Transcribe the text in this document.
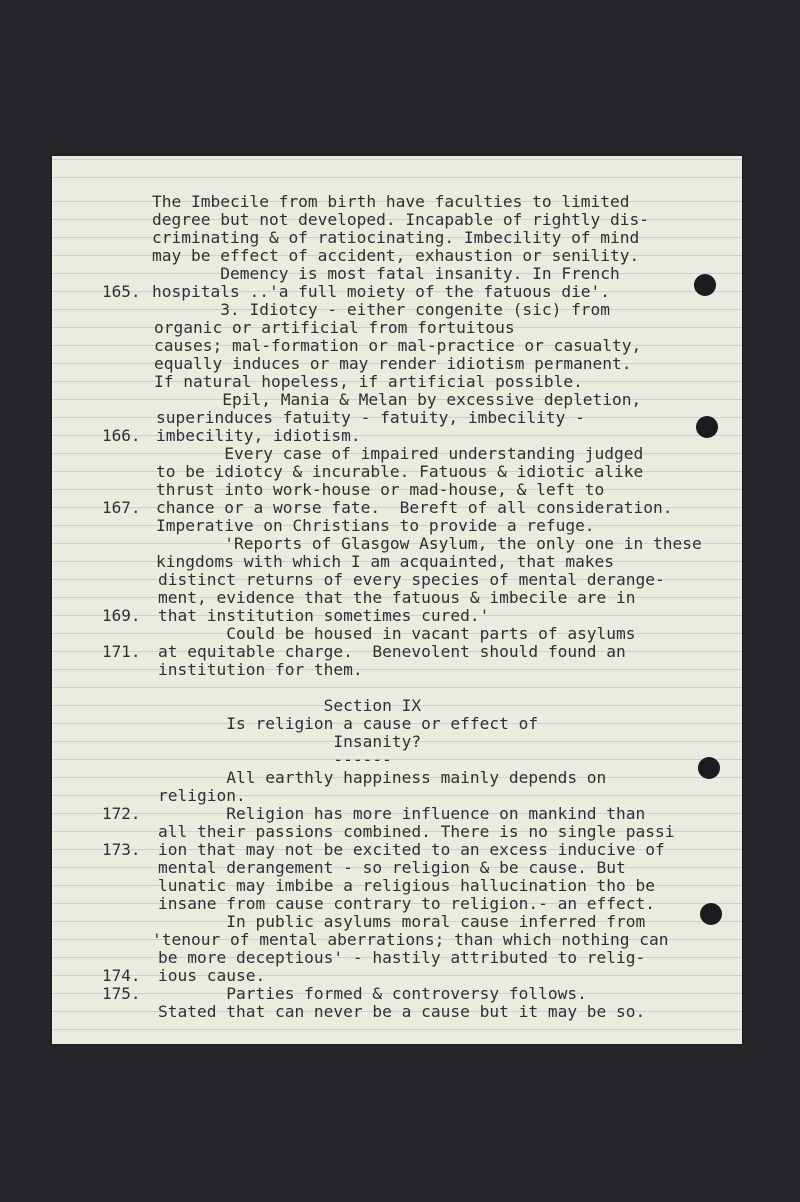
The Imbecile from birth have faculties to limited
degree but not developed. Incapable of rightly dis-
criminating & of ratiocinating. Imbecility of mind
may be effect of accident, exhaustion or senility.
Demency is most fatal insanity. In French
hospitals ..'a full moiety of the fatuous die'.
3. Idiotcy - either congenite (sic) from
organic or artificial from fortuitous
causes; mal-formation or mal-practice or casualty,
equally induces or may render idiotism permanent.
If natural hopeless, if artificial possible.
Epil, Mania & Melan by excessive depletion,
superinduces fatuity - fatuity, imbecility -
imbecility, idiotism.
Every case of impaired understanding judged
to be idiotcy & incurable. Fatuous & idiotic alike
thrust into work-house or mad-house, & left to
chance or a worse fate.  Bereft of all consideration.
Imperative on Christians to provide a refuge.
'Reports of Glasgow Asylum, the only one in these
kingdoms with which I am acquainted, that makes
distinct returns of every species of mental derange-
ment, evidence that the fatuous & imbecile are in
that institution sometimes cured.'
Could be housed in vacant parts of asylums
at equitable charge.  Benevolent should found an
institution for them.
Section IX
Is religion a cause or effect of
Insanity?
------
All earthly happiness mainly depends on
religion.
Religion has more influence on mankind than
all their passions combined. There is no single passi
ion that may not be excited to an excess inducive of
mental derangement - so religion & be cause. But
lunatic may imbibe a religious hallucination tho be
insane from cause contrary to religion.- an effect.
In public asylums moral cause inferred from
'tenour of mental aberrations; than which nothing can
be more deceptious' - hastily attributed to relig-
ious cause.
Parties formed & controversy follows.
Stated that can never be a cause but it may be so.
165.
166.
167.
169.
171.
172.
173.
174.
175.
